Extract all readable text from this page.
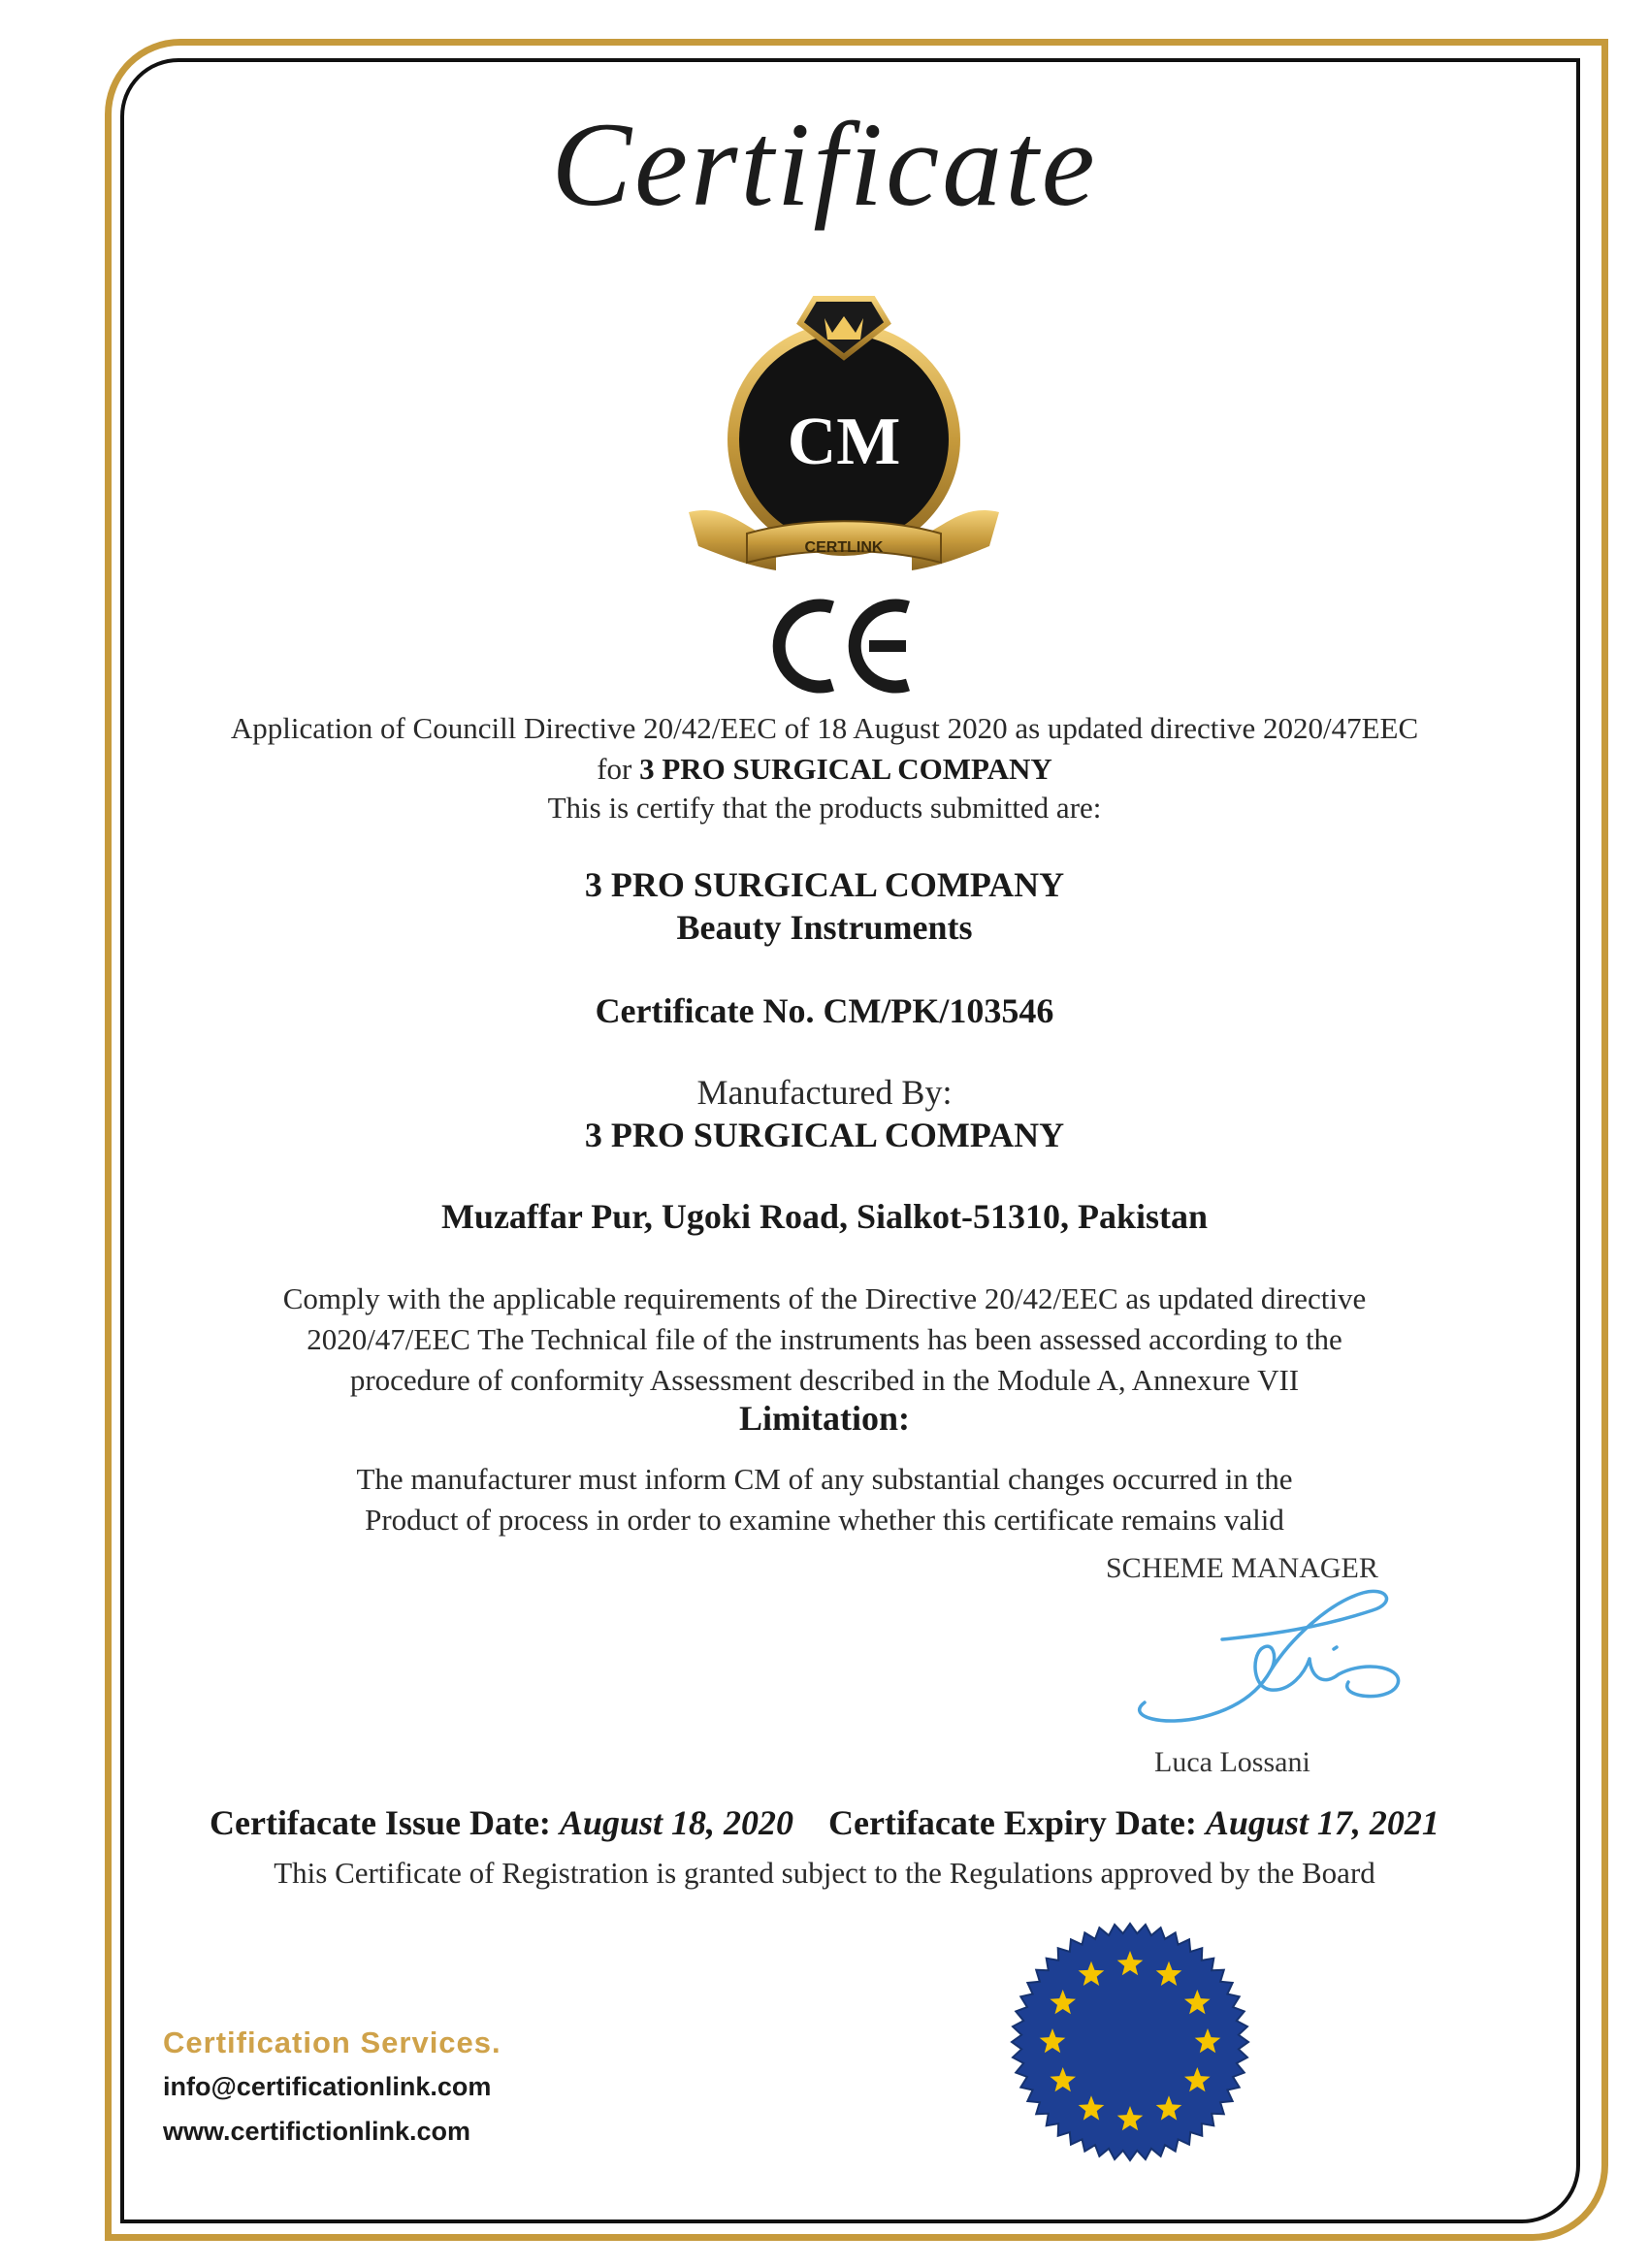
Certificate
CM
CERTLINK
Application of Councill Directive 20/42/EEC of 18 August 2020 as updated directive 2020/47EEC
for 3 PRO SURGICAL COMPANY
This is certify that the products submitted are:
3 PRO SURGICAL COMPANY
Beauty Instruments
Certificate No. CM/PK/103546
Manufactured By:
3 PRO SURGICAL COMPANY
Muzaffar Pur, Ugoki Road, Sialkot-51310, Pakistan
Comply with the applicable requirements of the Directive 20/42/EEC as updated directive
2020/47/EEC The Technical file of the instruments has been assessed according to the
procedure of conformity Assessment described in the Module A, Annexure VII
Limitation:
The manufacturer must inform CM of any substantial changes occurred in the
Product of process in order to examine whether this certificate remains valid
SCHEME MANAGER
Luca Lossani
Certifacate Issue Date: August 18, 2020 Certifacate Expiry Date: August 17, 2021
This Certificate of Registration is granted subject to the Regulations approved by the Board
Certification Services.
info@certificationlink.com
www.certifictionlink.com
